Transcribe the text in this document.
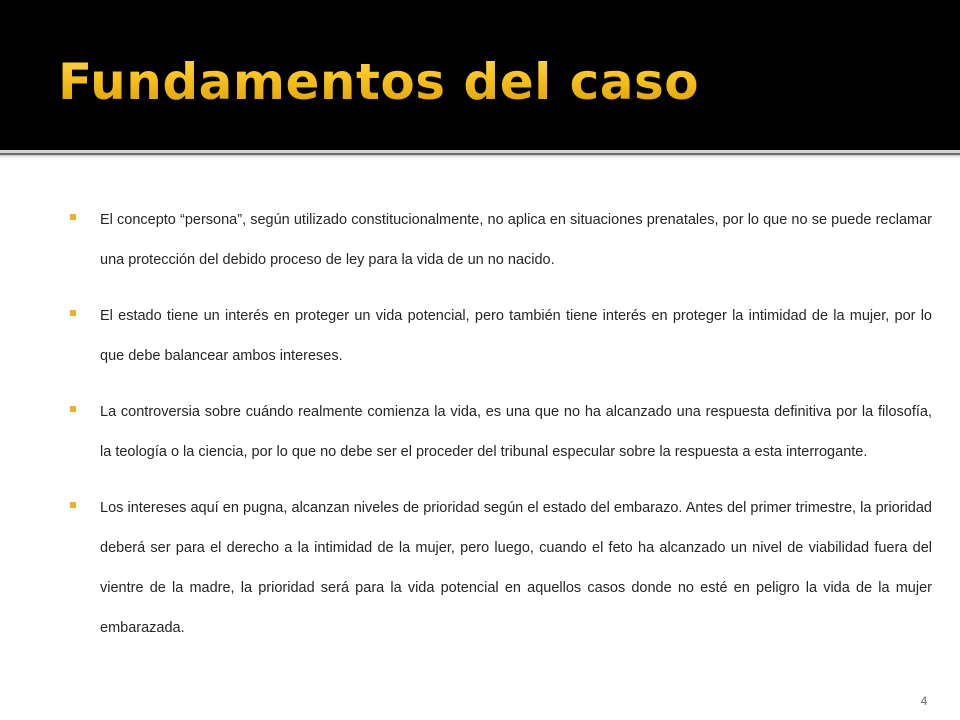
Fundamentos del caso
El concepto “persona”, según utilizado constitucionalmente, no aplica en situaciones prenatales, por lo que no se puede reclamar una protección del debido proceso de ley para la vida de un no nacido.
El estado tiene un interés en proteger un vida potencial, pero también tiene interés en proteger la intimidad de la mujer, por lo que debe balancear ambos intereses.
La controversia sobre cuándo realmente comienza la vida, es una que no ha alcanzado una respuesta definitiva por la filosofía, la teología o la ciencia, por lo que no debe ser el proceder del tribunal especular sobre la respuesta a esta interrogante.
Los intereses aquí en pugna, alcanzan niveles de prioridad según el estado del embarazo. Antes del primer trimestre, la prioridad deberá ser para el derecho a la intimidad de la mujer, pero luego, cuando el feto ha alcanzado un nivel de viabilidad fuera del vientre de la madre, la prioridad será para la vida potencial en aquellos casos donde no esté en peligro la vida de la mujer embarazada.
4
